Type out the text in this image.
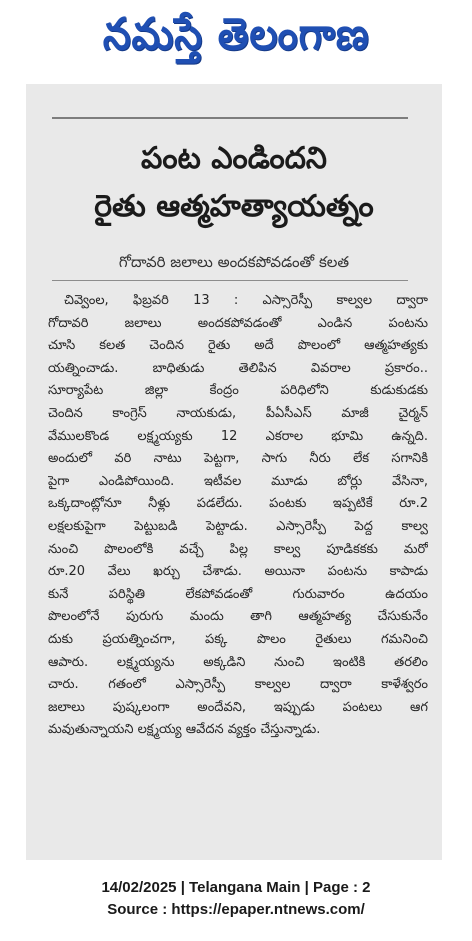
నమస్తే తెలంగాణ
పంట ఎండిందని
రైతు ఆత్మహత్యాయత్నం
గోదావరి జలాలు అందకపోవడంతో కలత
చివ్వెంల, ఫిబ్రవరి 13 : ఎస్సారెస్పీ కాల్వల ద్వారా
గోదావరి జలాలు అందకపోవడంతో ఎండిన పంటను
చూసి కలత చెందిన రైతు అదే పొలంలో ఆత్మహత్యకు
యత్నించాడు. బాధితుడు తెలిపిన వివరాల ప్రకారం..
సూర్యాపేట జిల్లా కేంద్రం పరిధిలోని కుడుకుడకు
చెందిన కాంగ్రెస్ నాయకుడు, పీఏసీఎస్ మాజీ చైర్మన్
వేములకొండ లక్ష్మయ్యకు 12 ఎకరాల భూమి ఉన్నది.
అందులో వరి నాటు పెట్టగా, సాగు నీరు లేక సగానికి
పైగా ఎండిపోయింది. ఇటీవల మూడు బోర్లు వేసినా,
ఒక్కదాంట్లోనూ నీళ్లు పడలేదు. పంటకు ఇప్పటికే రూ.2
లక్షలకుపైగా పెట్టుబడి పెట్టాడు. ఎస్సారెస్పీ పెద్ద కాల్వ
నుంచి పొలంలోకి వచ్చే పిల్ల కాల్వ పూడికకకు మరో
రూ.20 వేలు ఖర్చు చేశాడు. అయినా పంటను కాపాడు
కునే పరిస్థితి లేకపోవడంతో గురువారం ఉదయం
పొలంలోనే పురుగు మందు తాగి ఆత్మహత్య చేసుకునేం
దుకు ప్రయత్నించగా, పక్క పొలం రైతులు గమనించి
ఆపారు. లక్ష్మయ్యను అక్కడిని నుంచి ఇంటికి తరలిం
చారు. గతంలో ఎస్సారెస్పీ కాల్వల ద్వారా కాళేశ్వరం
జలాలు పుష్కలంగా అందేవని, ఇప్పుడు పంటలు ఆగ
మవుతున్నాయని లక్ష్మయ్య ఆవేదన వ్యక్తం చేస్తున్నాడు.
14/02/2025 | Telangana Main | Page : 2
Source : https://epaper.ntnews.com/
